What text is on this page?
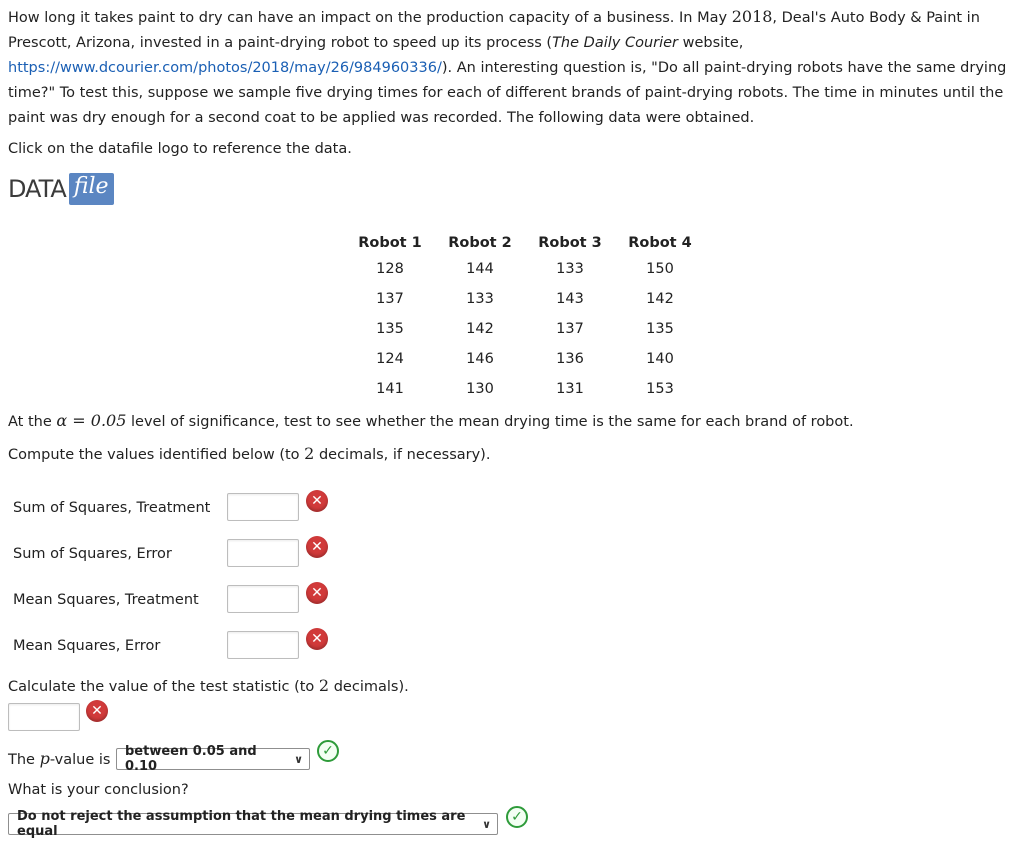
How long it takes paint to dry can have an impact on the production capacity of a business. In May 2018, Deal's Auto Body & Paint in Prescott, Arizona, invested in a paint-drying robot to speed up its process (The Daily Courier website, https://www.dcourier.com/photos/2018/may/26/984960336/). An interesting question is, "Do all paint-drying robots have the same drying time?" To test this, suppose we sample five drying times for each of different brands of paint-drying robots. The time in minutes until the paint was dry enough for a second coat to be applied was recorded. The following data were obtained.
Click on the datafile logo to reference the data.
DATA file
Robot 1	Robot 2	Robot 3	Robot 4
128	144	133	150
137	133	143	142
135	142	137	135
124	146	136	140
141	130	131	153
At the α = 0.05 level of significance, test to see whether the mean drying time is the same for each brand of robot.
Compute the values identified below (to 2 decimals, if necessary).
Sum of Squares, Treatment	✕
Sum of Squares, Error	✕
Mean Squares, Treatment	✕
Mean Squares, Error	✕
Calculate the value of the test statistic (to 2 decimals).
✕
The p-value is
between 0.05 and 0.10	∨	✓
What is your conclusion?
Do not reject the assumption that the mean drying times are equal	∨	✓
